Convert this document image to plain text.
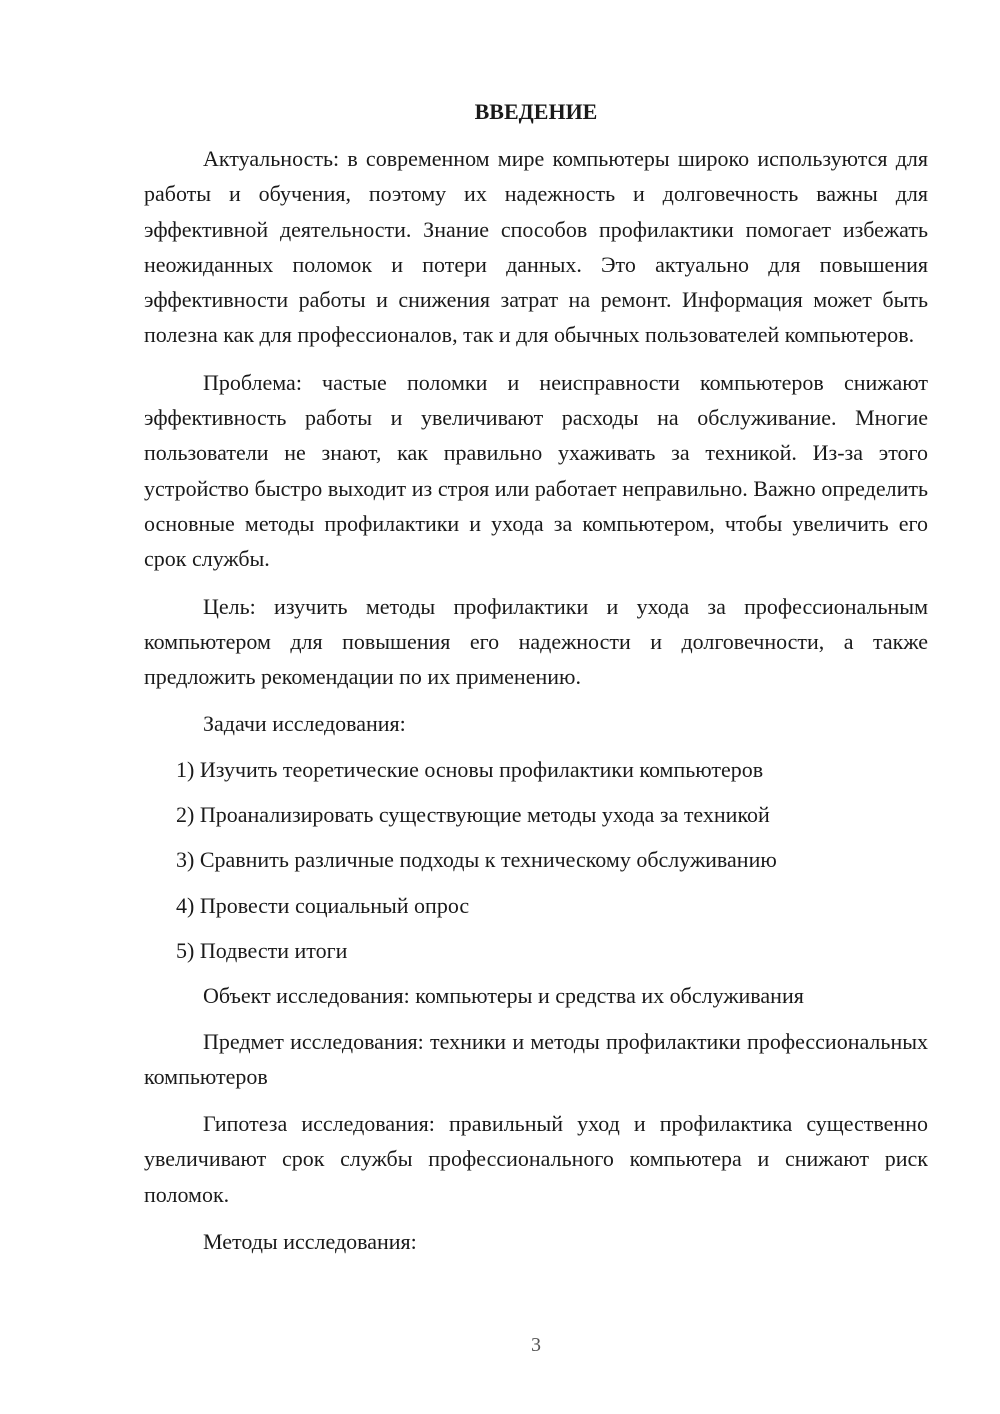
ВВЕДЕНИЕ

Актуальность: в современном мире компьютеры широко используются для работы и обучения, поэтому их надежность и долговечность важны для эффективной деятельности. Знание способов профилактики помогает избежать неожиданных поломок и потери данных. Это актуально для повышения эффективности работы и снижения затрат на ремонт. Информация может быть полезна как для профессионалов, так и для обычных пользователей компьютеров.

Проблема: частые поломки и неисправности компьютеров снижают эффективность работы и увеличивают расходы на обслуживание. Многие пользователи не знают, как правильно ухаживать за техникой. Из-за этого устройство быстро выходит из строя или работает неправильно. Важно определить основные методы профилактики и ухода за компьютером, чтобы увеличить его срок службы.

Цель: изучить методы профилактики и ухода за профессиональным компьютером для повышения его надежности и долговечности, а также предложить рекомендации по их применению.

Задачи исследования:

1) Изучить теоретические основы профилактики компьютеров
2) Проанализировать существующие методы ухода за техникой
3) Сравнить различные подходы к техническому обслуживанию
4) Провести социальный опрос
5) Подвести итоги

Объект исследования: компьютеры и средства их обслуживания

Предмет исследования: техники и методы профилактики профессиональных компьютеров

Гипотеза исследования: правильный уход и профилактика существенно увеличивают срок службы профессионального компьютера и снижают риск поломок.

Методы исследования:

3
